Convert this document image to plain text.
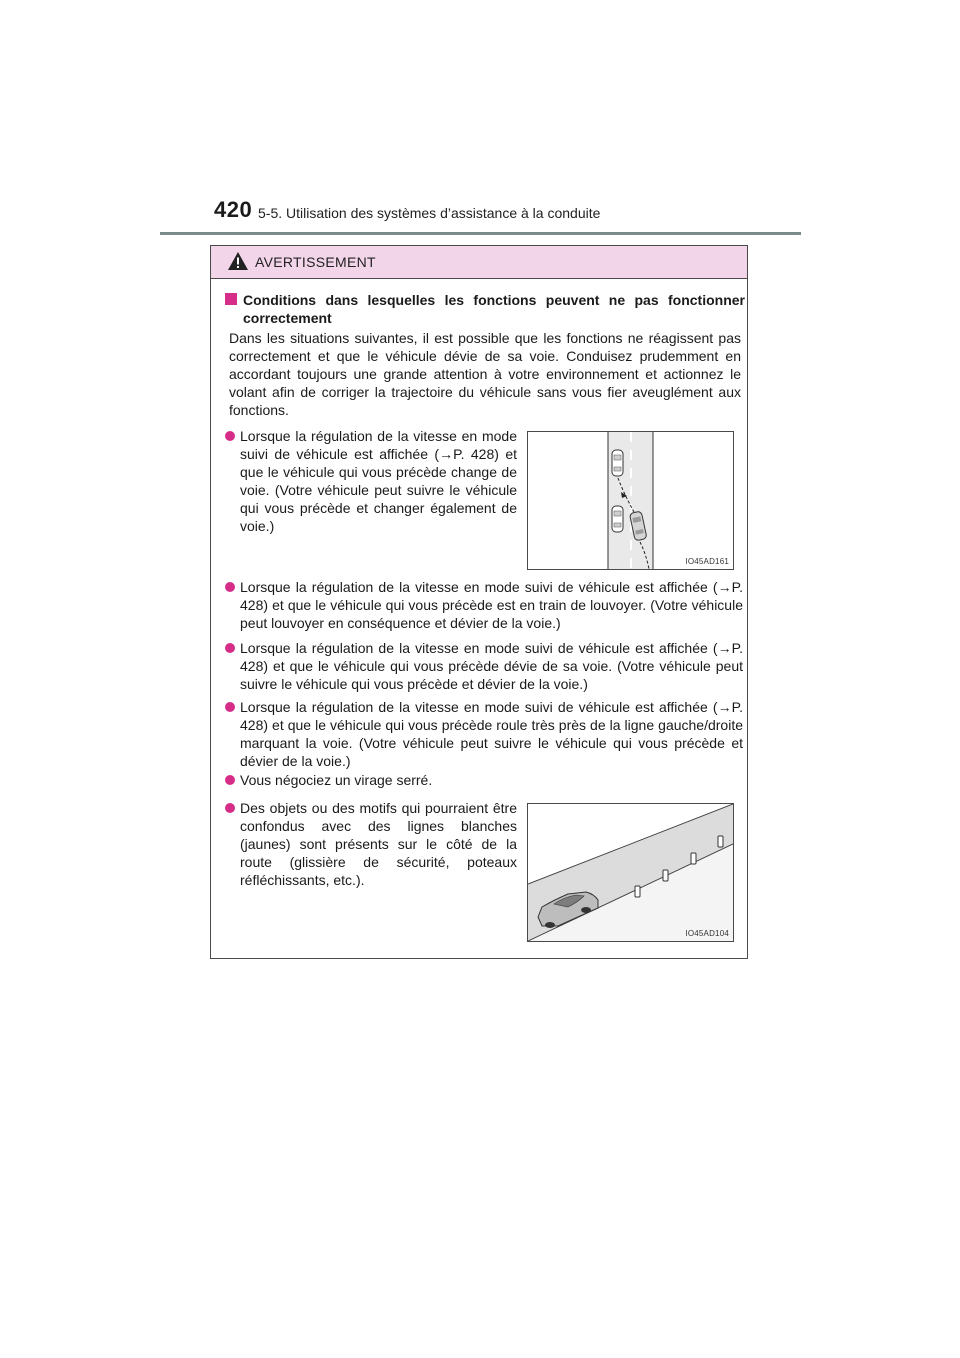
420 5-5. Utilisation des systèmes d’assistance à la conduite
AVERTISSEMENT
Conditions dans lesquelles les fonctions peuvent ne pas fonctionner correctement
Dans les situations suivantes, il est possible que les fonctions ne réagissent pas correctement et que le véhicule dévie de sa voie. Conduisez prudemment en accordant toujours une grande attention à votre environnement et actionnez le volant afin de corriger la trajectoire du véhicule sans vous fier aveuglément aux fonctions.
Lorsque la régulation de la vitesse en mode suivi de véhicule est affichée (→P. 428) et que le véhicule qui vous précède change de voie. (Votre véhicule peut suivre le véhicule qui vous précède et changer également de voie.)
IO45AD161
Lorsque la régulation de la vitesse en mode suivi de véhicule est affichée (→P. 428) et que le véhicule qui vous précède est en train de louvoyer. (Votre véhicule peut louvoyer en conséquence et dévier de la voie.)
Lorsque la régulation de la vitesse en mode suivi de véhicule est affichée (→P. 428) et que le véhicule qui vous précède dévie de sa voie. (Votre véhicule peut suivre le véhicule qui vous précède et dévier de la voie.)
Lorsque la régulation de la vitesse en mode suivi de véhicule est affichée (→P. 428) et que le véhicule qui vous précède roule très près de la ligne gauche/droite marquant la voie. (Votre véhicule peut suivre le véhicule qui vous précède et dévier de la voie.)
Vous négociez un virage serré.
Des objets ou des motifs qui pourraient être confondus avec des lignes blanches (jaunes) sont présents sur le côté de la route (glissière de sécurité, poteaux réfléchissants, etc.).
IO45AD104
